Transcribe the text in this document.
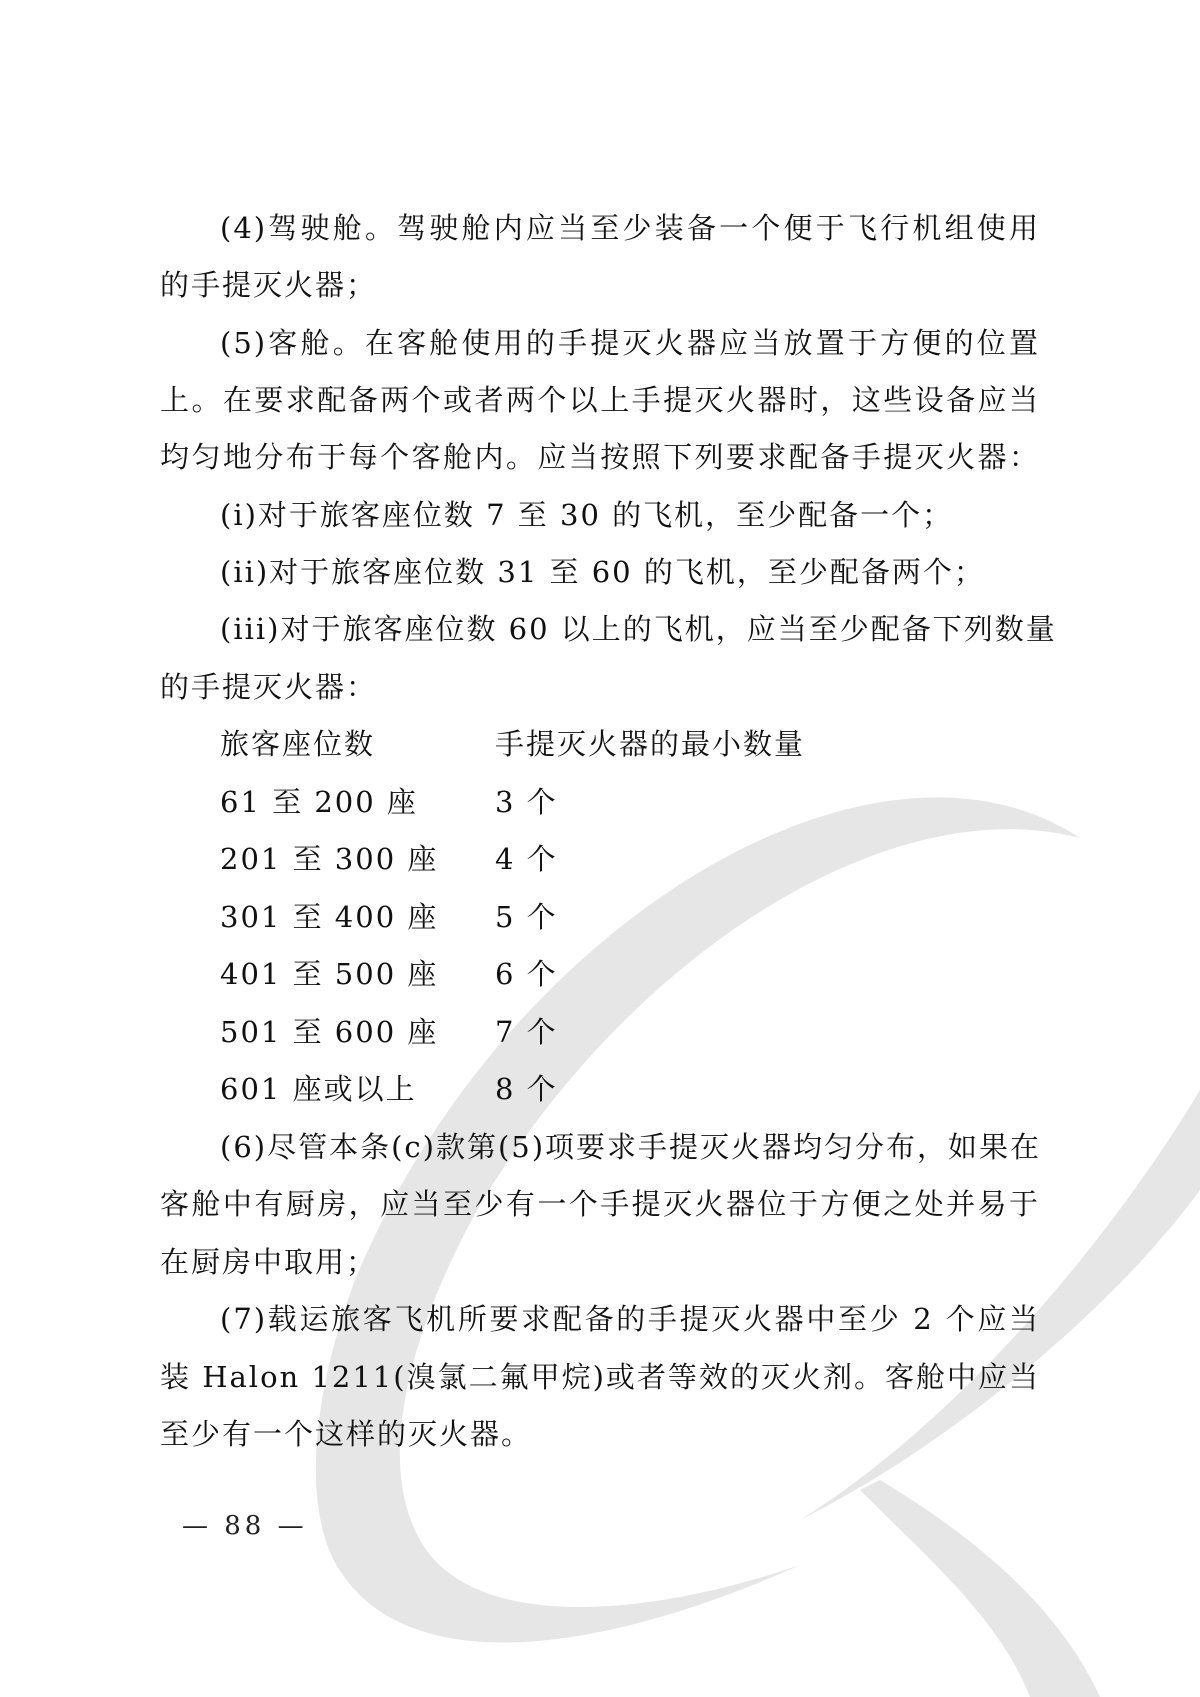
(4)驾驶舱。驾驶舱内应当至少装备一个便于飞行机组使用
的手提灭火器；
(5)客舱。在客舱使用的手提灭火器应当放置于方便的位置
上。在要求配备两个或者两个以上手提灭火器时，这些设备应当
均匀地分布于每个客舱内。应当按照下列要求配备手提灭火器：
(i)对于旅客座位数 7 至 30 的飞机，至少配备一个；
(ii)对于旅客座位数 31 至 60 的飞机，至少配备两个；
(iii)对于旅客座位数 60 以上的飞机，应当至少配备下列数量
的手提灭火器：
旅客座位数	手提灭火器的最小数量
61 至 200 座	3 个
201 至 300 座 4 个
301 至 400 座 5 个
401 至 500 座 6 个
501 至 600 座 7 个
601 座或以上	8 个
(6)尽管本条(c)款第(5)项要求手提灭火器均匀分布，如果在
客舱中有厨房，应当至少有一个手提灭火器位于方便之处并易于
在厨房中取用；
(7)载运旅客飞机所要求配备的手提灭火器中至少 2 个应当
装 Halon 1211(溴氯二氟甲烷)或者等效的灭火剂。客舱中应当
至少有一个这样的灭火器。
— 88 —
